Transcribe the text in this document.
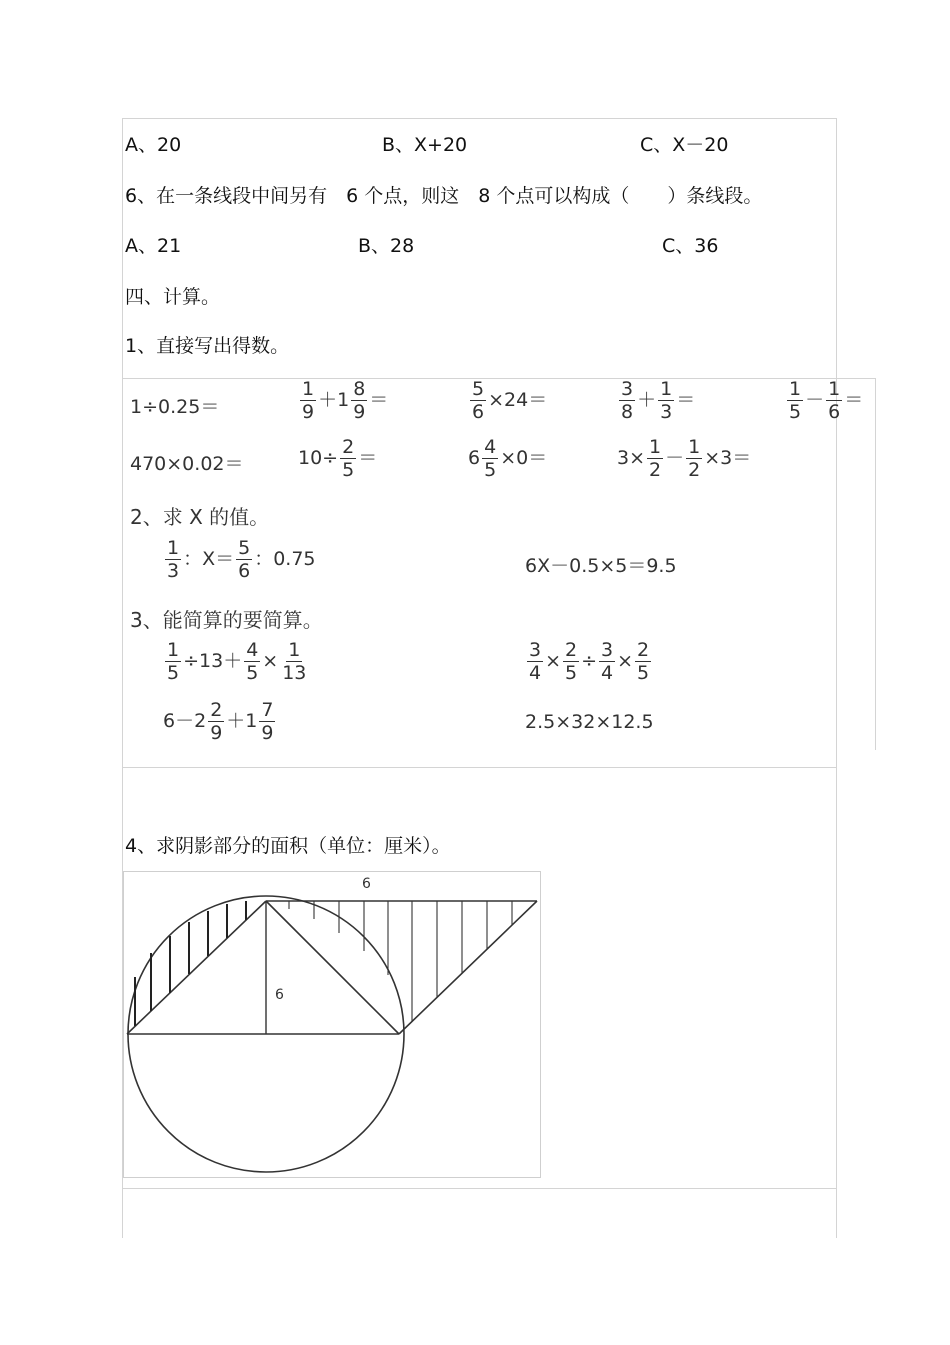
A、20	B、X+20	C、X－20
6、在一条线段中间另有　6 个点，则这　8 个点可以构成（　　）条线段。
A、21	B、28	C、36
四、计算。
1、直接写出得数。
1÷0.25＝	$\frac{1}{9} +1 \frac{8}{9}$ ＝	$\frac{5}{6} \times 24=$	$\frac{3}{8} + \frac{1}{3}$ ＝	$\frac{1}{5} - \frac{1}{6}$ ＝
470×0.02＝	$10\div \frac{2}{5}$ ＝	$6 \frac{4}{5} \times 0=$	$3\times \frac{1}{2} - \frac{1}{2} \times 3=$
2、求 X 的值。
$\frac{1}{3}$ ：$X= \frac{5}{6}$ ：0.75	6X－0.5×5＝9.5
3、能简算的要简算。
$\frac{1}{5} \div 13+ \frac{4}{5} \times \frac{1}{13}$	$\frac{3}{4} \times \frac{2}{5} \div \frac{3}{4} \times \frac{2}{5}$
$6-2 \frac{2}{9} +1 \frac{7}{9}$	2.5×32×12.5
4、求阴影部分的面积（单位：厘米）。
6
6
